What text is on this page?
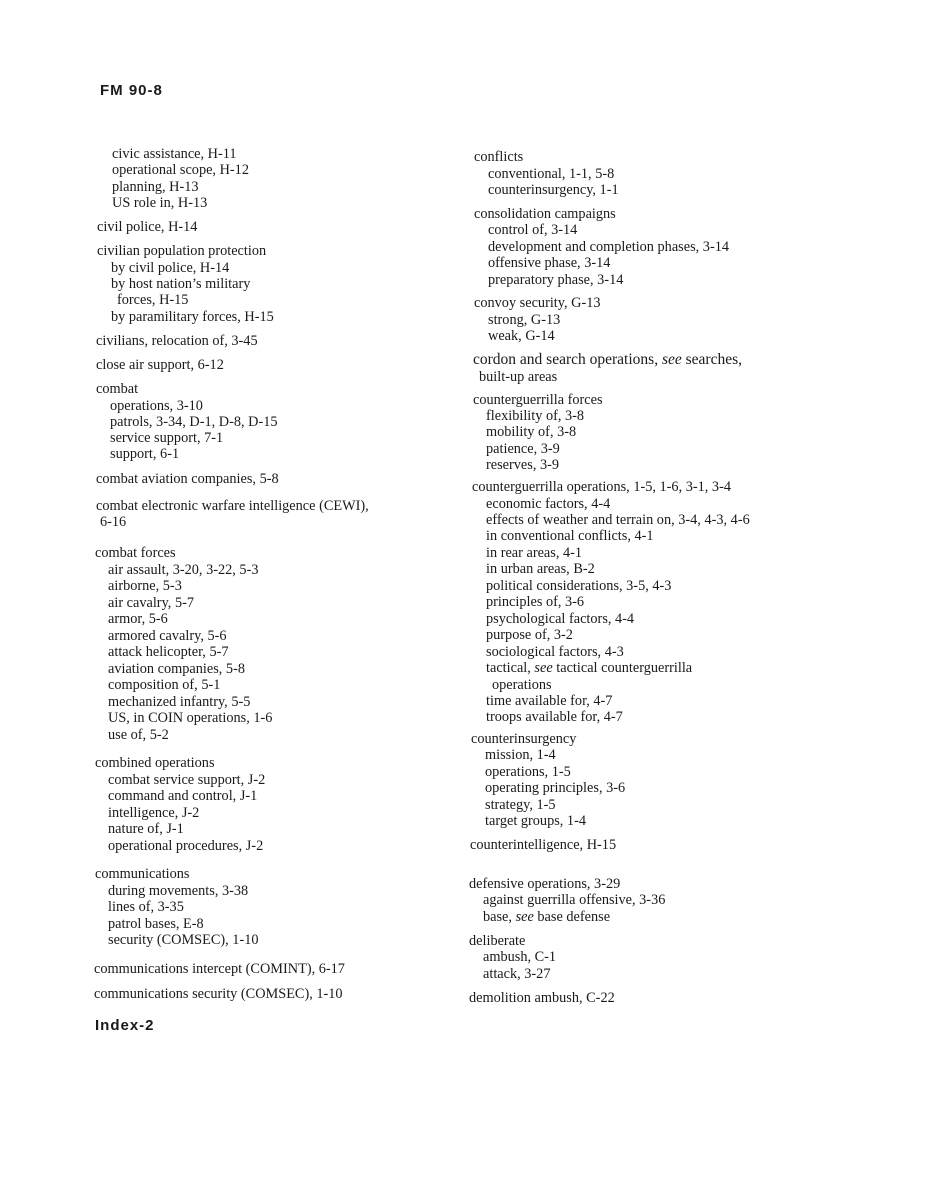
FM 90-8
civic assistance, H-11
operational scope, H-12
planning, H-13
US role in, H-13
civil police, H-14
civilian population protection
by civil police, H-14
by host nation’s military
forces, H-15
by paramilitary forces, H-15
civilians, relocation of, 3-45
close air support, 6-12
combat
operations, 3-10
patrols, 3-34, D-1, D-8, D-15
service support, 7-1
support, 6-1
combat aviation companies, 5-8
combat electronic warfare intelligence (CEWI),
6-16
combat forces
air assault, 3-20, 3-22, 5-3
airborne, 5-3
air cavalry, 5-7
armor, 5-6
armored cavalry, 5-6
attack helicopter, 5-7
aviation companies, 5-8
composition of, 5-1
mechanized infantry, 5-5
US, in COIN operations, 1-6
use of, 5-2
combined operations
combat service support, J-2
command and control, J-1
intelligence, J-2
nature of, J-1
operational procedures, J-2
communications
during movements, 3-38
lines of, 3-35
patrol bases, E-8
security (COMSEC), 1-10
communications intercept (COMINT), 6-17
communications security (COMSEC), 1-10
conflicts
conventional, 1-1, 5-8
counterinsurgency, 1-1
consolidation campaigns
control of, 3-14
development and completion phases, 3-14
offensive phase, 3-14
preparatory phase, 3-14
convoy security, G-13
strong, G-13
weak, G-14
cordon and search operations, see searches,
built-up areas
counterguerrilla forces
flexibility of, 3-8
mobility of, 3-8
patience, 3-9
reserves, 3-9
counterguerrilla operations, 1-5, 1-6, 3-1, 3-4
economic factors, 4-4
effects of weather and terrain on, 3-4, 4-3, 4-6
in conventional conflicts, 4-1
in rear areas, 4-1
in urban areas, B-2
political considerations, 3-5, 4-3
principles of, 3-6
psychological factors, 4-4
purpose of, 3-2
sociological factors, 4-3
tactical, see tactical counterguerrilla
operations
time available for, 4-7
troops available for, 4-7
counterinsurgency
mission, 1-4
operations, 1-5
operating principles, 3-6
strategy, 1-5
target groups, 1-4
counterintelligence, H-15
defensive operations, 3-29
against guerrilla offensive, 3-36
base, see base defense
deliberate
ambush, C-1
attack, 3-27
demolition ambush, C-22
Index-2
